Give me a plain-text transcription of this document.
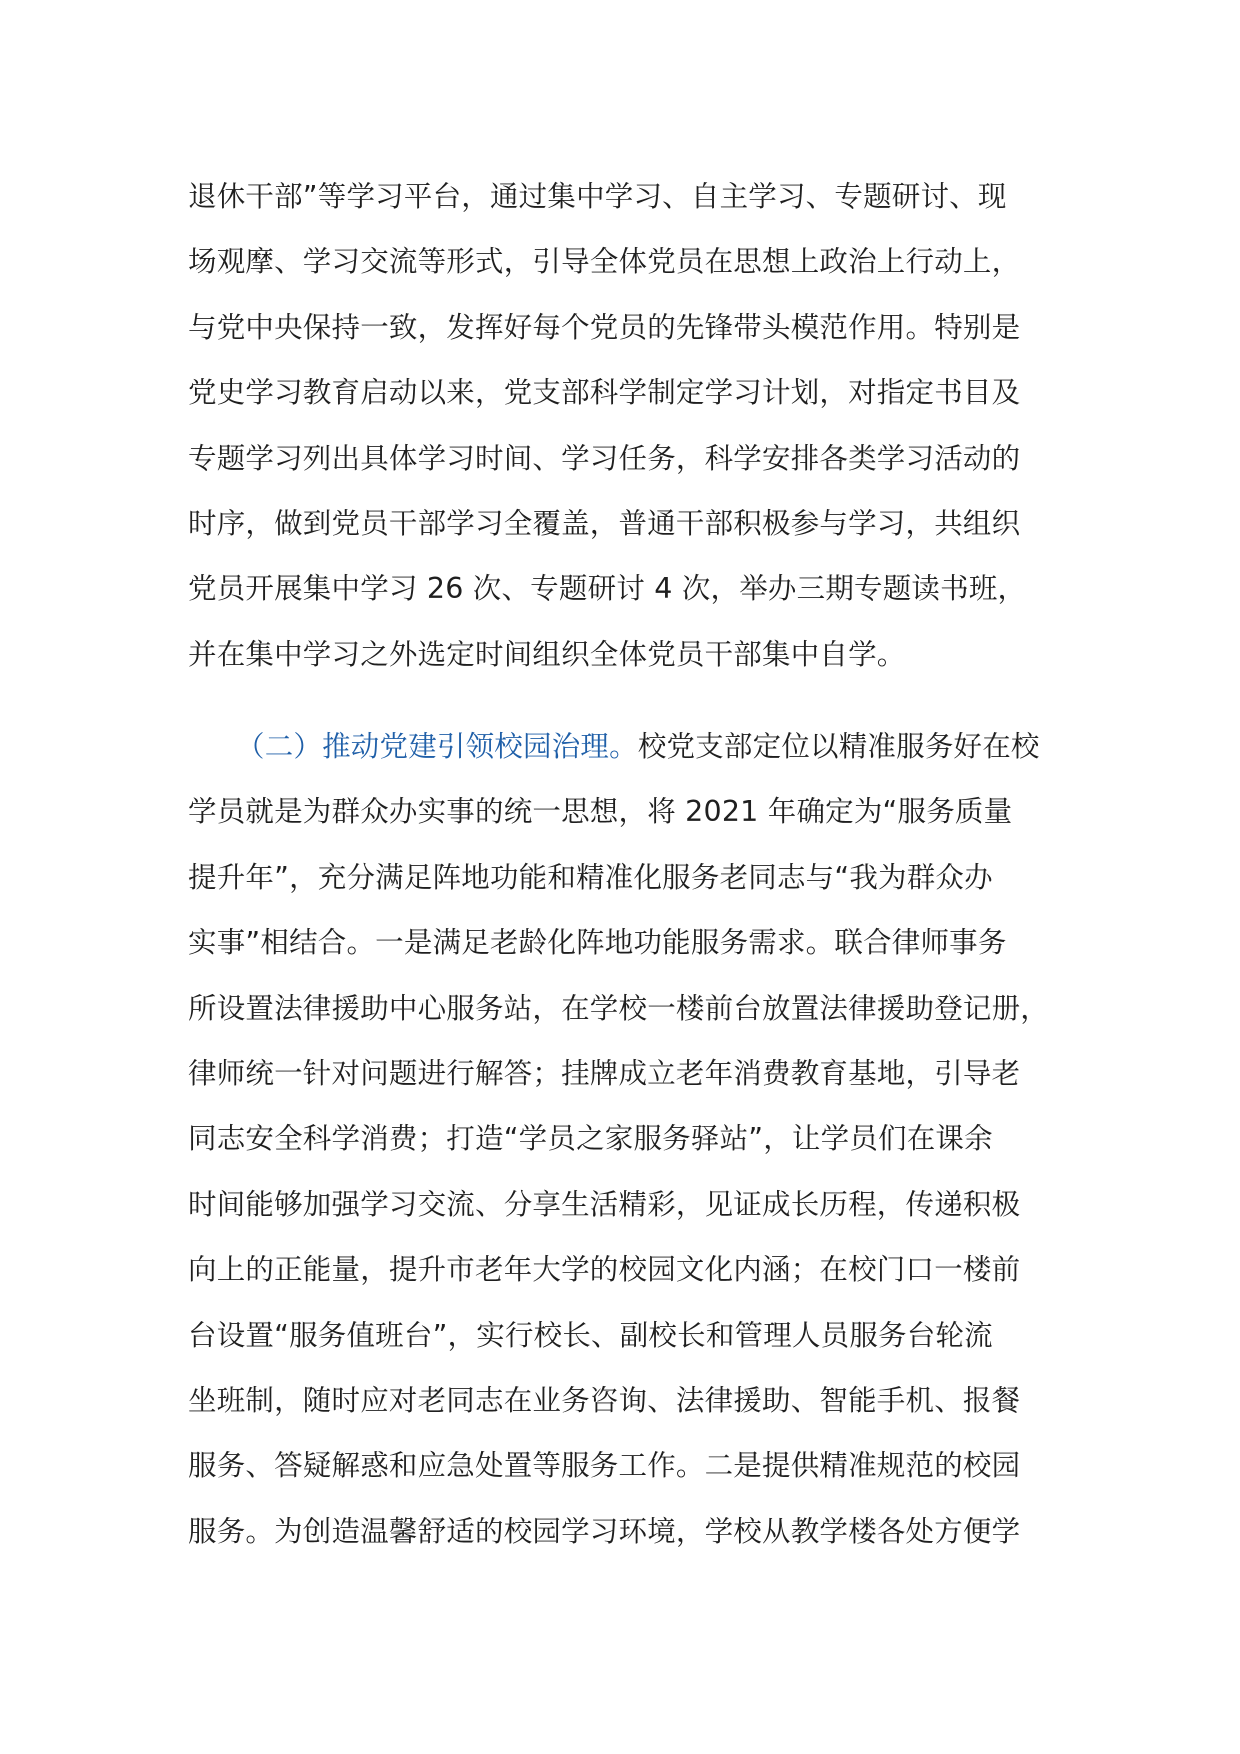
退休干部”等学习平台，通过集中学习、自主学习、专题研讨、现
场观摩、学习交流等形式，引导全体党员在思想上政治上行动上，
与党中央保持一致，发挥好每个党员的先锋带头模范作用。特别是
党史学习教育启动以来，党支部科学制定学习计划，对指定书目及
专题学习列出具体学习时间、学习任务，科学安排各类学习活动的
时序，做到党员干部学习全覆盖，普通干部积极参与学习，共组织
党员开展集中学习 26 次、专题研讨 4 次，举办三期专题读书班，
并在集中学习之外选定时间组织全体党员干部集中自学。
（二）推动党建引领校园治理。校党支部定位以精准服务好在校
学员就是为群众办实事的统一思想，将 2021 年确定为“服务质量
提升年”，充分满足阵地功能和精准化服务老同志与“我为群众办
实事”相结合。一是满足老龄化阵地功能服务需求。联合律师事务
所设置法律援助中心服务站，在学校一楼前台放置法律援助登记册，
律师统一针对问题进行解答；挂牌成立老年消费教育基地，引导老
同志安全科学消费；打造“学员之家服务驿站”，让学员们在课余
时间能够加强学习交流、分享生活精彩，见证成长历程，传递积极
向上的正能量，提升市老年大学的校园文化内涵；在校门口一楼前
台设置“服务值班台”，实行校长、副校长和管理人员服务台轮流
坐班制，随时应对老同志在业务咨询、法律援助、智能手机、报餐
服务、答疑解惑和应急处置等服务工作。二是提供精准规范的校园
服务。为创造温馨舒适的校园学习环境，学校从教学楼各处方便学
